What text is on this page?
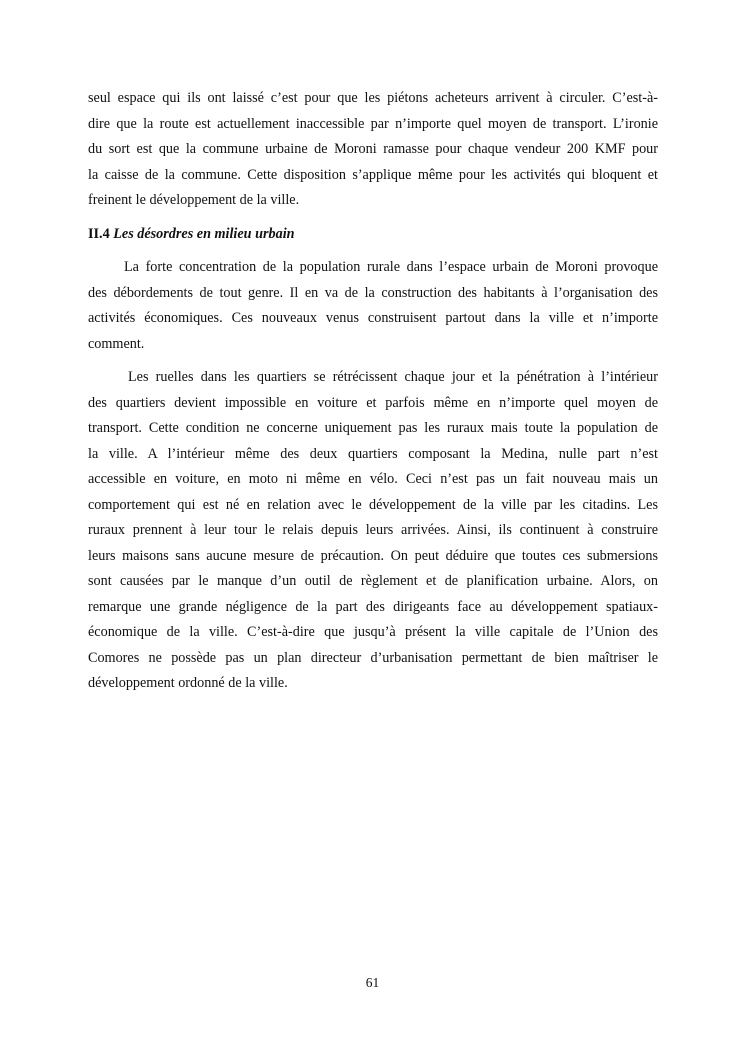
seul espace qui ils ont laissé c’est pour que les piétons acheteurs arrivent à circuler. C’est-à-
dire que la route est actuellement inaccessible par n’importe quel moyen de transport. L’ironie
du sort est que la commune urbaine de Moroni ramasse pour chaque vendeur 200 KMF pour
la caisse de la commune. Cette disposition s’applique même pour les activités qui bloquent et
freinent le développement de la ville.
II.4 Les désordres en milieu urbain
La forte concentration de la population rurale dans l’espace urbain de Moroni provoque
des débordements de tout genre. Il en va de la construction des habitants à l’organisation des
activités économiques. Ces nouveaux venus construisent partout dans la ville et n’importe
comment.
Les ruelles dans les quartiers se rétrécissent chaque jour et la pénétration à l’intérieur
des quartiers devient impossible en voiture et parfois même en n’importe quel moyen de
transport. Cette condition ne concerne uniquement pas les ruraux mais toute la population de
la ville. A l’intérieur même des deux quartiers composant la Medina, nulle part n’est
accessible en voiture, en moto ni même en vélo. Ceci n’est pas un fait nouveau mais un
comportement qui est né en relation avec le développement de la ville par les citadins. Les
ruraux prennent à leur tour le relais depuis leurs arrivées. Ainsi, ils continuent à construire
leurs maisons sans aucune mesure de précaution. On peut déduire que toutes ces submersions
sont causées par le manque d’un outil de règlement et de planification urbaine. Alors, on
remarque une grande négligence de la part des dirigeants face au développement spatiaux-
économique de la ville. C’est-à-dire que jusqu’à présent la ville capitale de l’Union des
Comores ne possède pas un plan directeur d’urbanisation permettant de bien maîtriser le
développement ordonné de la ville.
61
